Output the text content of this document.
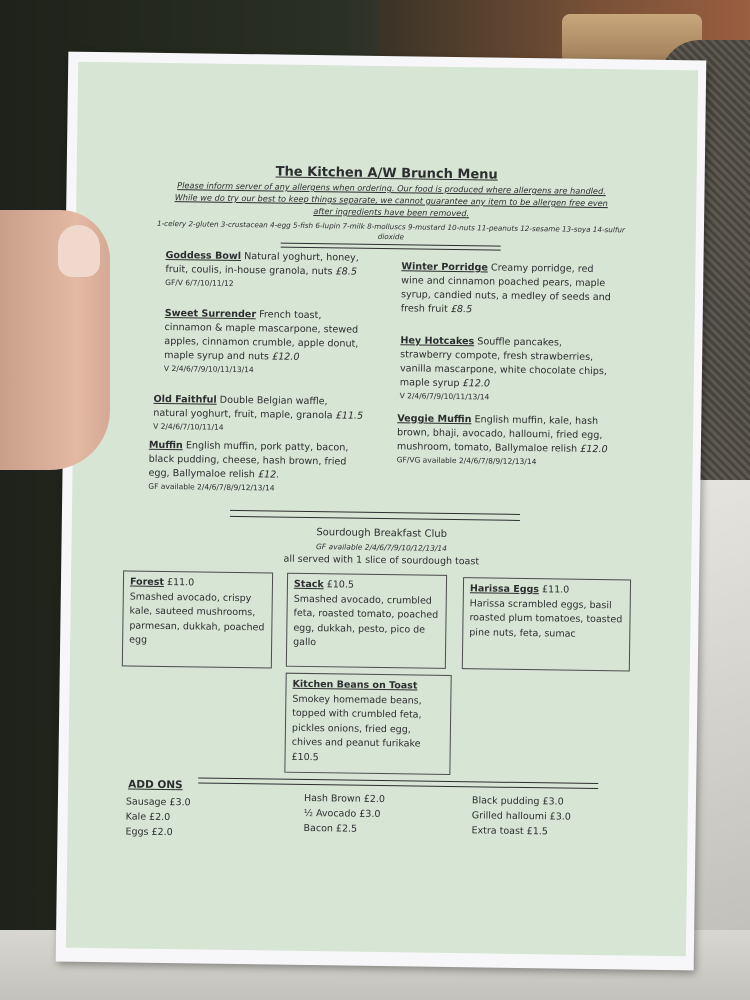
The Kitchen A/W Brunch Menu
Please inform server of any allergens when ordering. Our food is produced where allergens are handled. While we do try our best to keep things separate, we cannot guarantee any item to be allergen free even after ingredients have been removed.
1-celery 2-gluten 3-crustacean 4-egg 5-fish 6-lupin 7-milk 8-molluscs 9-mustard 10-nuts 11-peanuts 12-sesame 13-soya 14-sulfur dioxide
Goddess Bowl Natural yoghurt, honey, fruit, coulis, in-house granola, nuts £8.5
GF/V 6/7/10/11/12
Sweet Surrender French toast, cinnamon & maple mascarpone, stewed apples, cinnamon crumble, apple donut, maple syrup and nuts £12.0
V 2/4/6/7/9/10/11/13/14
Old Faithful Double Belgian waffle, natural yoghurt, fruit, maple, granola £11.5
V 2/4/6/7/10/11/14
Muffin English muffin, pork patty, bacon, black pudding, cheese, hash brown, fried egg, Ballymaloe relish £12.
GF available 2/4/6/7/8/9/12/13/14
Winter Porridge Creamy porridge, red wine and cinnamon poached pears, maple syrup, candied nuts, a medley of seeds and fresh fruit £8.5
Hey Hotcakes Souffle pancakes, strawberry compote, fresh strawberries, vanilla mascarpone, white chocolate chips, maple syrup £12.0
V 2/4/6/7/9/10/11/13/14
Veggie Muffin English muffin, kale, hash brown, bhaji, avocado, halloumi, fried egg, mushroom, tomato, Ballymaloe relish £12.0
GF/VG available 2/4/6/7/8/9/12/13/14
Sourdough Breakfast Club
GF available 2/4/6/7/9/10/12/13/14
all served with 1 slice of sourdough toast
Forest £11.0
Smashed avocado, crispy kale, sauteed mushrooms, parmesan, dukkah, poached egg
Stack £10.5
Smashed avocado, crumbled feta, roasted tomato, poached egg, dukkah, pesto, pico de gallo
Harissa Eggs £11.0
Harissa scrambled eggs, basil roasted plum tomatoes, toasted pine nuts, feta, sumac
Kitchen Beans on Toast
Smokey homemade beans, topped with crumbled feta, pickles onions, fried egg, chives and peanut furikake £10.5
ADD ONS
Sausage £3.0
Kale £2.0
Eggs £2.0
Hash Brown £2.0
½ Avocado £3.0
Bacon £2.5
Black pudding £3.0
Grilled halloumi £3.0
Extra toast £1.5
